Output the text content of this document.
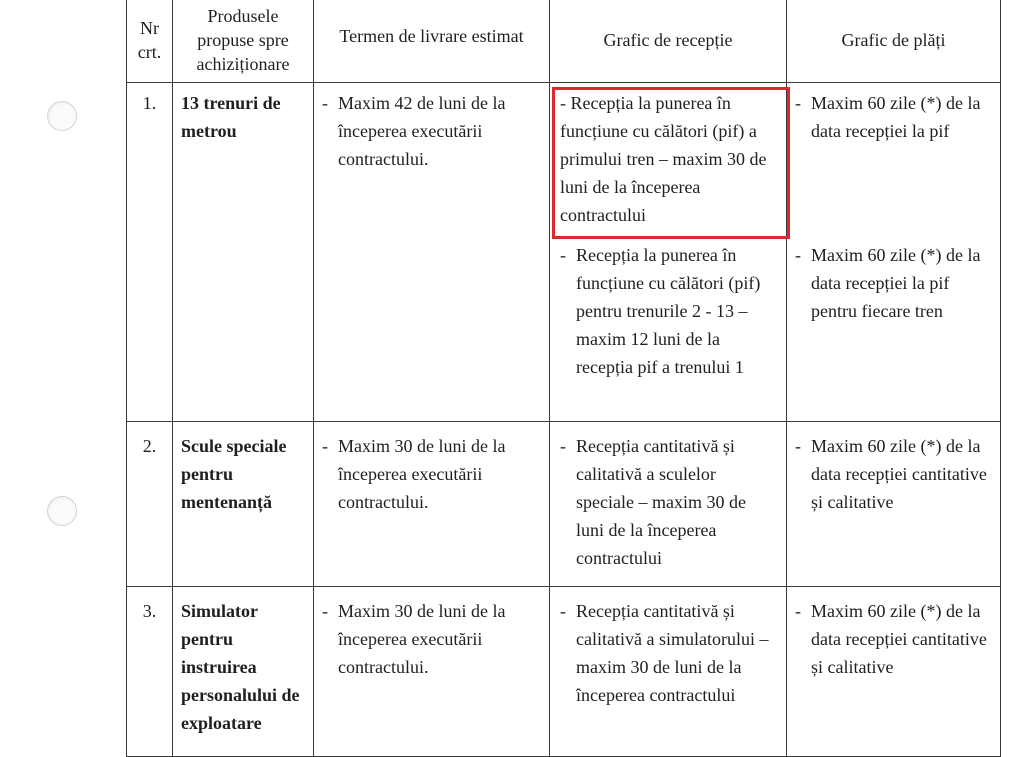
Nr crt.	Produsele propuse spre achiziționare	Termen de livrare estimat	Grafic de recepție	Grafic de plăți

1.	13 trenuri de metrou	- Maxim 42 de luni de la începerea executării contractului.	- Recepția la punerea în funcțiune cu călători (pif) a primului tren – maxim 30 de luni de la începerea contractului	- Maxim 60 zile (*) de la data recepției la pif

			- Recepția la punerea în funcțiune cu călători (pif) pentru trenurile 2 - 13 – maxim 12 luni de la recepția pif a trenului 1	- Maxim 60 zile (*) de la data recepției la pif pentru fiecare tren

2.	Scule speciale pentru mentenanță	- Maxim 30 de luni de la începerea executării contractului.	- Recepția cantitativă și calitativă a sculelor speciale – maxim 30 de luni de la începerea contractului	- Maxim 60 zile (*) de la data recepției cantitative și calitative

3.	Simulator pentru instruirea personalului de exploatare	- Maxim 30 de luni de la începerea executării contractului.	- Recepția cantitativă și calitativă a simulatorului – maxim 30 de luni de la începerea contractului	- Maxim 60 zile (*) de la data recepției cantitative și calitative
